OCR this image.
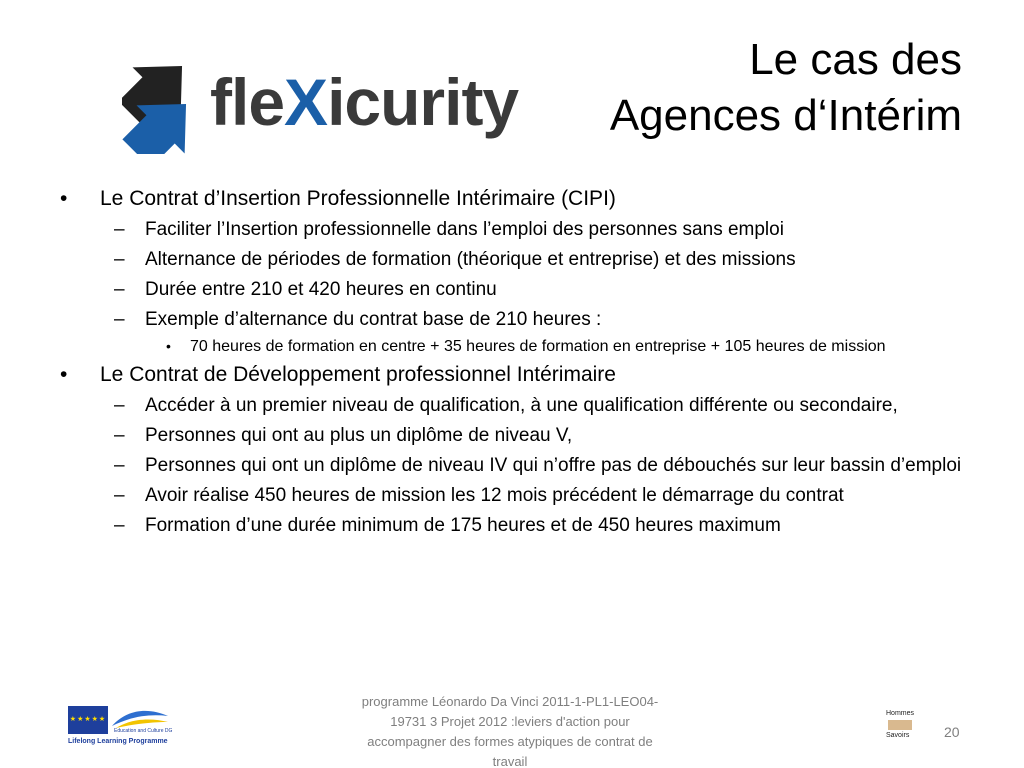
fleXicurity
Le cas des
Agences d‘Intérim
• Le Contrat d’Insertion Professionnelle Intérimaire (CIPI)
– Faciliter l’Insertion professionnelle dans l’emploi des personnes sans emploi
– Alternance de périodes de formation (théorique et entreprise) et des missions
– Durée entre 210 et 420 heures en continu
– Exemple d’alternance du contrat base de 210 heures :
• 70 heures de formation en centre + 35 heures de formation en entreprise + 105 heures de mission
• Le Contrat de Développement professionnel Intérimaire
– Accéder à un premier niveau de qualification, à une qualification différente ou secondaire,
– Personnes qui ont au plus un diplôme de niveau V,
– Personnes qui ont un diplôme de niveau IV qui n’offre pas de débouchés sur leur bassin d’emploi
– Avoir réalise 450 heures de mission les 12 mois précédent le démarrage du contrat
– Formation d’une durée minimum de 175 heures et de 450 heures maximum
★★★★★
Education and Culture DG
Lifelong Learning Programme
programme Léonardo Da Vinci 2011-1-PL1-LEO04-19731 3 Projet 2012 :leviers d'action pour accompagner des formes atypiques de contrat de travail
Hommes
Savoirs 20
